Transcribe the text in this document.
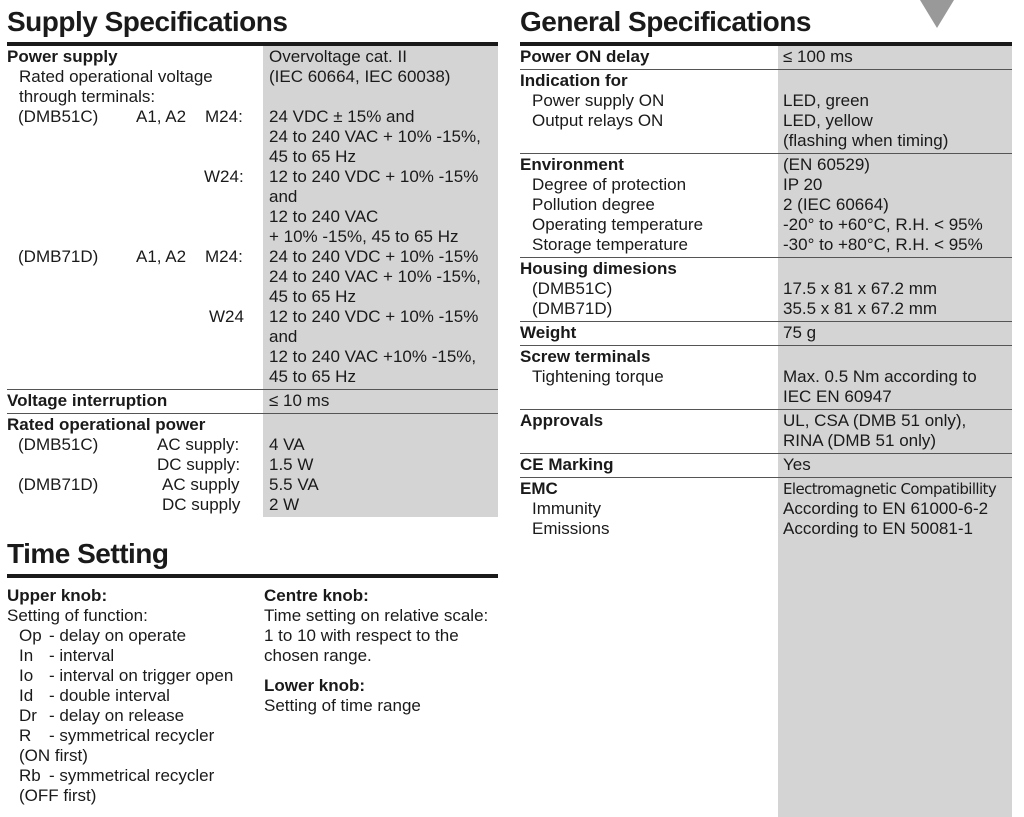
Supply Specifications
Power supply	Overvoltage cat. II
Rated operational voltage	(IEC 60664, IEC 60038)
through terminals:
(DMB51C) A1, A2 M24: 24 VDC ± 15% and
24 to 240 VAC + 10% -15%,
45 to 65 Hz
W24: 12 to 240 VDC + 10% -15%
and
12 to 240 VAC
+ 10% -15%, 45 to 65 Hz
(DMB71D) A1, A2 M24: 24 to 240 VDC + 10% -15%
24 to 240 VAC + 10% -15%,
45 to 65 Hz
W24 12 to 240 VDC + 10% -15%
and
12 to 240 VAC +10% -15%,
45 to 65 Hz
Voltage interruption	≤ 10 ms
Rated operational power
(DMB51C)	AC supply: 4 VA
DC supply: 1.5 W
(DMB71D)	AC supply 5.5 VA
DC supply 2 W
Time Setting
Upper knob:
Setting of function:
Op - delay on operate
In - interval
Io - interval on trigger open
Id - double interval
Dr - delay on release
R - symmetrical recycler
(ON first)
Rb - symmetrical recycler
(OFF first)
Centre knob:
Time setting on relative scale:
1 to 10 with respect to the
chosen range.
Lower knob:
Setting of time range
General Specifications
Power ON delay	≤ 100 ms
Indication for
Power supply ON	LED, green
Output relays ON	LED, yellow
(flashing when timing)
Environment	(EN 60529)
Degree of protection	IP 20
Pollution degree	2 (IEC 60664)
Operating temperature	-20° to +60°C, R.H. < 95%
Storage temperature	-30° to +80°C, R.H. < 95%
Housing dimesions
(DMB51C)	17.5 x 81 x 67.2 mm
(DMB71D)	35.5 x 81 x 67.2 mm
Weight	75 g
Screw terminals
Tightening torque	Max. 0.5 Nm according to
IEC EN 60947
Approvals	UL, CSA (DMB 51 only),
RINA (DMB 51 only)
CE Marking	Yes
EMC	Electromagnetic Compatibillity
Immunity	According to EN 61000-6-2
Emissions	According to EN 50081-1
